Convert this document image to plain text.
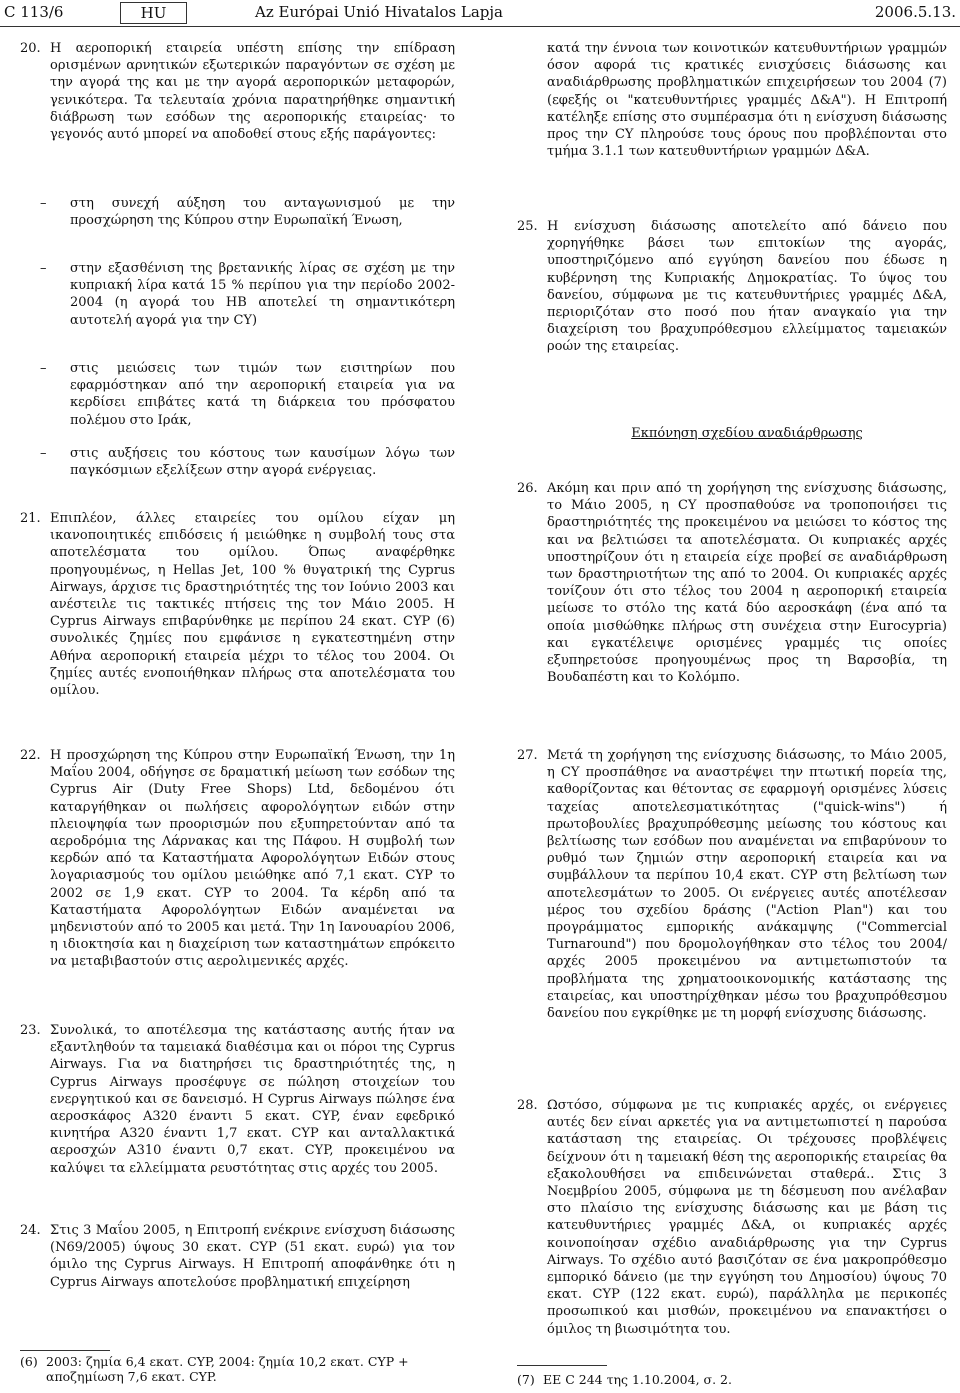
C 113/6	HU	Az Európai Unió Hivatalos Lapja	2006.5.13.
20. Η αεροπορική εταιρεία υπέστη επίσης την επίδραση ορισμένων αρνητικών εξωτερικών παραγόντων σε σχέση με την αγορά της και με την αγορά αεροπορικών μεταφορών, γενικότερα. Τα τελευταία χρόνια παρατηρήθηκε σημαντική διάβρωση των εσόδων της αεροπορικής εταιρείας· το γεγονός αυτό μπορεί να αποδοθεί στους εξής παράγοντες:
– στη συνεχή αύξηση του ανταγωνισμού με την προσχώρηση της Κύπρου στην Ευρωπαϊκή Ένωση,
– στην εξασθένιση της βρετανικής λίρας σε σχέση με την κυπριακή λίρα κατά 15 % περίπου για την περίοδο 2002-2004 (η αγορά του ΗΒ αποτελεί τη σημαντικότερη αυτοτελή αγορά για την CY)
– στις μειώσεις των τιμών των εισιτηρίων που εφαρμόστηκαν από την αεροπορική εταιρεία για να κερδίσει επιβάτες κατά τη διάρκεια του πρόσφατου πολέμου στο Ιράκ,
– στις αυξήσεις του κόστους των καυσίμων λόγω των παγκόσμιων εξελίξεων στην αγορά ενέργειας.
21. Επιπλέον, άλλες εταιρείες του ομίλου είχαν μη ικανοποιητικές επιδόσεις ή μειώθηκε η συμβολή τους στα αποτελέσματα του ομίλου. Όπως αναφέρθηκε προηγουμένως, η Hellas Jet, 100 % θυγατρική της Cyprus Airways, άρχισε τις δραστηριότητές της τον Ιούνιο 2003 και ανέστειλε τις τακτικές πτήσεις της τον Μάιο 2005. Η Cyprus Airways επιβαρύνθηκε με περίπου 24 εκατ. CYP (6) συνολικές ζημίες που εμφάνισε η εγκατεστημένη στην Αθήνα αεροπορική εταιρεία μέχρι το τέλος του 2004. Οι ζημίες αυτές ενοποιήθηκαν πλήρως στα αποτελέσματα του ομίλου.
κατά την έννοια των κοινοτικών κατευθυντήριων γραμμών όσον αφορά τις κρατικές ενισχύσεις διάσωσης και αναδιάρθρωσης προβληματικών επιχειρήσεων του 2004 (7) (εφεξής οι "κατευθυντήριες γραμμές Δ&Α"). Η Επιτροπή κατέληξε επίσης στο συμπέρασμα ότι η ενίσχυση διάσωσης προς την CY πληρούσε τους όρους που προβλέπονται στο τμήμα 3.1.1 των κατευθυντήριων γραμμών Δ&Α.
25. Η ενίσχυση διάσωσης αποτελείτο από δάνειο που χορηγήθηκε βάσει των επιτοκίων της αγοράς, υποστηριζόμενο από εγγύηση δανείου που έδωσε η κυβέρνηση της Κυπριακής Δημοκρατίας. Το ύψος του δανείου, σύμφωνα με τις κατευθυντήριες γραμμές Δ&Α, περιοριζόταν στο ποσό που ήταν αναγκαίο για την διαχείριση του βραχυπρόθεσμου ελλείμματος ταμειακών ροών της εταιρείας.
Εκπόνηση σχεδίου αναδιάρθρωσης
26. Ακόμη και πριν από τη χορήγηση της ενίσχυσης διάσωσης, το Μάιο 2005, η CY προσπαθούσε να τροποποιήσει τις δραστηριότητές της προκειμένου να μειώσει το κόστος της και να βελτιώσει τα αποτελέσματα. Οι κυπριακές αρχές υποστηρίζουν ότι η εταιρεία είχε προβεί σε αναδιάρθρωση των δραστηριοτήτων της από το 2004. Οι κυπριακές αρχές τονίζουν ότι στο τέλος του 2004 η αεροπορική εταιρεία μείωσε το στόλο της κατά δύο αεροσκάφη (ένα από τα οποία μισθώθηκε πλήρως στη συνέχεια στην Eurocypria) και εγκατέλειψε ορισμένες γραμμές τις οποίες εξυπηρετούσε προηγουμένως προς τη Βαρσοβία, τη Βουδαπέστη και το Κολόμπο.
22. Η προσχώρηση της Κύπρου στην Ευρωπαϊκή Ένωση, την 1η Μαΐου 2004, οδήγησε σε δραματική μείωση των εσόδων της Cyprus Air (Duty Free Shops) Ltd, δεδομένου ότι καταργήθηκαν οι πωλήσεις αφορολόγητων ειδών στην πλειοψηφία των προορισμών που εξυπηρετούνταν από τα αεροδρόμια της Λάρνακας και της Πάφου. Η συμβολή των κερδών από τα Καταστήματα Αφορολόγητων Ειδών στους λογαριασμούς του ομίλου μειώθηκε από 7,1 εκατ. CYP το 2002 σε 1,9 εκατ. CYP το 2004. Τα κέρδη από τα Καταστήματα Αφορολόγητων Ειδών αναμένεται να μηδενιστούν από το 2005 και μετά. Την 1η Ιανουαρίου 2006, η ιδιοκτησία και η διαχείριση των καταστημάτων επρόκειτο να μεταβιβαστούν στις αερολιμενικές αρχές.
23. Συνολικά, το αποτέλεσμα της κατάστασης αυτής ήταν να εξαντληθούν τα ταμειακά διαθέσιμα και οι πόροι της Cyprus Airways. Για να διατηρήσει τις δραστηριότητές της, η Cyprus Airways προσέφυγε σε πώληση στοιχείων του ενεργητικού και σε δανεισμό. Η Cyprus Airways πώλησε ένα αεροσκάφος A320 έναντι 5 εκατ. CYP, έναν εφεδρικό κινητήρα A320 έναντι 1,7 εκατ. CYP και ανταλλακτικά αεροσχών A310 έναντι 0,7 εκατ. CYP, προκειμένου να καλύψει τα ελλείμματα ρευστότητας στις αρχές του 2005.
24. Στις 3 Μαΐου 2005, η Επιτροπή ενέκρινε ενίσχυση διάσωσης (N69/2005) ύψους 30 εκατ. CYP (51 εκατ. ευρώ) για τον όμιλο της Cyprus Airways. Η Επιτροπή αποφάνθηκε ότι η Cyprus Airways αποτελούσε προβληματική επιχείρηση
27. Μετά τη χορήγηση της ενίσχυσης διάσωσης, το Μάιο 2005, η CY προσπάθησε να αναστρέψει την πτωτική πορεία της, καθορίζοντας και θέτοντας σε εφαρμογή ορισμένες λύσεις ταχείας αποτελεσματικότητας ("quick-wins") ή πρωτοβουλίες βραχυπρόθεσμης μείωσης του κόστους και βελτίωσης των εσόδων που αναμένεται να επιβαρύνουν το ρυθμό των ζημιών στην αεροπορική εταιρεία και να συμβάλλουν τα περίπου 10,4 εκατ. CYP στη βελτίωση των αποτελεσμάτων το 2005. Οι ενέργειες αυτές αποτέλεσαν μέρος του σχεδίου δράσης ("Action Plan") και του προγράμματος εμπορικής ανάκαμψης ("Commercial Turnaround") που δρομολογήθηκαν στο τέλος του 2004/αρχές 2005 προκειμένου να αντιμετωπιστούν τα προβλήματα της χρηματοοικονομικής κατάστασης της εταιρείας, και υποστηρίχθηκαν μέσω του βραχυπρόθεσμου δανείου που εγκρίθηκε με τη μορφή ενίσχυσης διάσωσης.
28. Ωστόσο, σύμφωνα με τις κυπριακές αρχές, οι ενέργειες αυτές δεν είναι αρκετές για να αντιμετωπιστεί η παρούσα κατάσταση της εταιρείας. Οι τρέχουσες προβλέψεις δείχνουν ότι η ταμειακή θέση της αεροπορικής εταιρείας θα εξακολουθήσει να επιδεινώνεται σταθερά.. Στις 3 Νοεμβρίου 2005, σύμφωνα με τη δέσμευση που ανέλαβαν στο πλαίσιο της ενίσχυσης διάσωσης και με βάση τις κατευθυντήριες γραμμές Δ&Α, οι κυπριακές αρχές κοινοποίησαν σχέδιο αναδιάρθρωσης για την Cyprus Airways. Το σχέδιο αυτό βασιζόταν σε ένα μακροπρόθεσμο εμπορικό δάνειο (με την εγγύηση του Δημοσίου) ύψους 70 εκατ. CYP (122 εκατ. ευρώ), παράλληλα με περικοπές προσωπικού και μισθών, προκειμένου να επανακτήσει ο όμιλος τη βιωσιμότητα του.
(6) 2003: ζημία 6,4 εκατ. CYP, 2004: ζημία 10,2 εκατ. CYP + αποζημίωση 7,6 εκατ. CYP.	(7) EE C 244 της 1.10.2004, σ. 2.
